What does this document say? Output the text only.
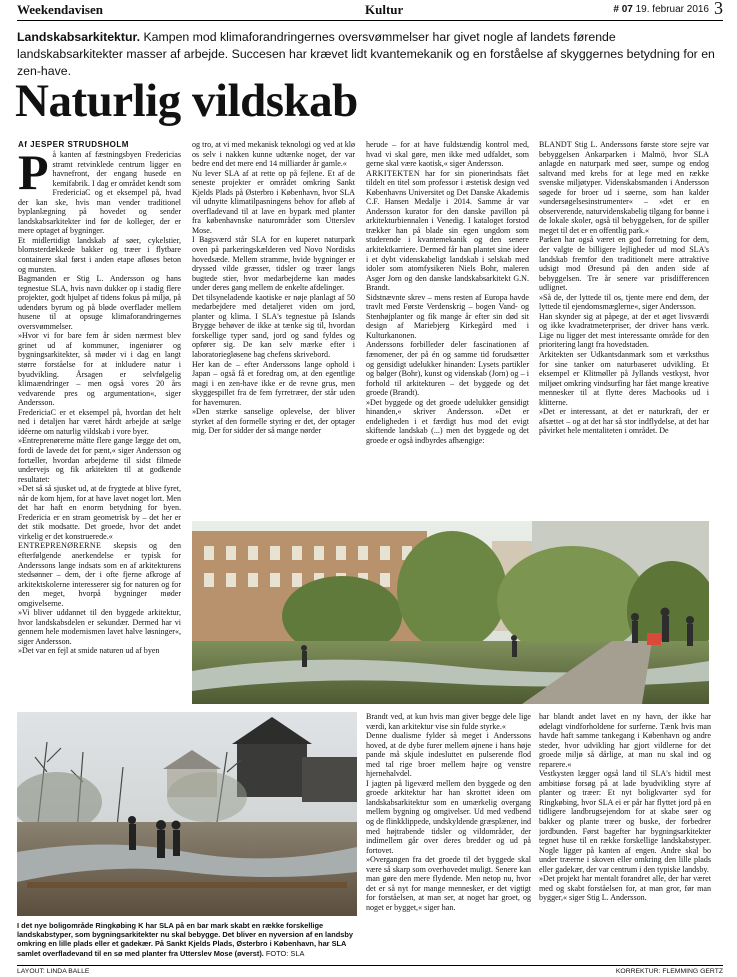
Weekendavisen	Kultur	# 07 19. februar 2016 3

Landskabsarkitektur. Kampen mod klimaforandringernes oversvømmelser har givet nogle af landets førende landskabsarkitekter masser af arbejde. Succesen har krævet lidt kvantemekanik og en forståelse af skyggernes betydning for en zen-have.

Naturlig vildskab
Af JESPER STRUDSHOLM

På kanten af fæstningsbyen Fredericias stramt retvinklede centrum ligger en havnefront, der engang husede en kemifabrik. I dag er området kendt som FredericiaC og et eksempel på, hvad der kan ske, hvis man vender traditionel byplanlægning på hovedet og sender landskabsarkitekter ind før de kolleger, der er mere optaget af bygninger.

Et midlertidigt landskab af søer, cykelstier, blomsterdækkede bakker og træer i flytbare containere skal først i anden etape afløses beton og mursten.

Bagmanden er Stig L. Andersson og hans tegnestue SLA, hvis navn dukker op i stadig flere projekter, godt hjulpet af tidens fokus på miljø, på udendørs byrum og på bløde overflader mellem husene til at opsuge klimaforandringernes oversvømmelser.

»Hvor vi for bare fem år siden nærmest blev grinet ud af kommuner, ingeniører og bygningsarkitekter, så møder vi i dag en langt større forståelse for at inkludere natur i byudvikling. Årsagen er selvfølgelig klimaændringer – men også vores 20 års vedvarende pres og argumentation«, siger Andersson.

FredericiaC er et eksempel på, hvordan det helt ned i detaljen har været hårdt arbejde at sælge idéerne om naturlig vildskab i vore byer.

»Entreprenørerne måtte flere gange lægge det om, fordi de lavede det for pænt,« siger Andersson og fortæller, hvordan arbejderne til sidst filmede undervejs og fik arkitekten til at godkende resultatet:

»Det så så sjusket ud, at de frygtede at blive fyret, når de kom hjem, for at have lavet noget lort. Men det har haft en enorm betydning for byen. Fredericia er en stram geometrisk by – det her er det stik modsatte. Det groede, hvor det andet virkelig er det konstruerede.«

ENTREPRENØRERNE skepsis og den efterfølgende anerkendelse er typisk for Anderssons lange indsats som en af arkitekturens stedsønner – dem, der i ofte fjerne afkroge af arkitektskolerne interesserer sig for naturen og for den meget, hvorpå bygninger møder omgivelserne.

»Vi bliver uddannet til den byggede arkitektur, hvor landskabsdelen er sekundær. Dermed har vi gennem hele modernismen lavet halve løsninger«, siger Andersson.

»Det var en fejl at smide naturen ud af byen

og tro, at vi med mekanisk teknologi og ved at klø os selv i nakken kunne udtænke noget, der var bedre end det mere end 14 milliarder år gamle.«

Nu lever SLA af at rette op på fejlene. Et af de seneste projekter er området omkring Sankt Kjelds Plads på Østerbro i København, hvor SLA vil udnytte klimatilpasningens behov for afløb af overfladevand til at lave en bypark med planter fra københavnske naturområder som Utterslev Mose.

I Bagsværd står SLA for en kuperet naturpark oven på parkeringskælderen ved Novo Nordisks hovedsæde. Mellem stramme, hvide bygninger er dryssed vilde græsser, tidsler og træer langs bugtede stier, hvor medarbejderne kan mødes under deres gang mellem de enkelte afdelinger.

Det tilsyneladende kaotiske er nøje planlagt af 50 medarbejdere med detaljeret viden om jord, planter og klima. I SLA's tegnestue på Islands Brygge behøver de ikke at tænke sig til, hvordan forskellige typer sand, jord og sand fyldes og opfører sig. De kan selv mærke efter i laboratoriegløsene bag chefens skrivebord.

Her kan de – efter Anderssons lange ophold i Japan – også få et foredrag om, at den egentlige magi i en zen-have ikke er de revne grus, men skyggespillet fra de fem fyrretræer, der står uden for havemuren.

»Den stærke sanselige oplevelse, der bliver styrket af den formelle styring er det, der optager mig. Der for sidder der så mange nørder

herude – for at have fuldstændig kontrol med, hvad vi skal gøre, men ikke med udfaldet, som gerne skal være kaotisk,« siger Andersson.

ARKITEKTEN har for sin pionerindsats fået tildelt en titel som professor i æstetisk design ved Københavns Universitet og Det Danske Akademis C.F. Hansen Medalje i 2014. Samme år var Andersson kurator for den danske pavillon på arkitekturbiennalen i Venedig. I kataloget forstod trækker han på blade sin egen ungdom som studerende i kvantemekanik og den senere arkitektkarriere. Dermed får han plantet sine ideer i et dybt videnskabeligt landskab i selskab med idoler som atomfysikeren Niels Bohr, maleren Asger Jorn og den danske landskabsarkitekt G.N. Brandt.

Sidstnævnte skrev – mens resten af Europa havde travlt med Første Verdenskrig – bogen Vand- og Stenhøjplanter og fik mange år efter sin død sit design af Mariebjerg Kirkegård med i Kulturkanonen.

Anderssons forbilleder deler fascinationen af fænomener, der på én og samme tid forudsætter og gensidigt udelukker hinanden: Lysets partikler og bølger (Bohr), kunst og videnskab (Jorn) og – i forhold til arkitekturen – det byggede og det groede (Brandt).

»Det byggede og det groede udelukker gensidigt hinanden,« skriver Andersson. »Det er endeligheden i et færdigt hus mod det evigt skiftende landskab (...) men det byggede og det groede er også indbyrdes afhængige:

BLANDT Stig L. Anderssons første store sejre var bebyggelsen Ankarparken i Malmö, hvor SLA anlagde en naturpark med søer, sumpe og endog saltvand med krebs for at lege med en række svenske miljøtyper. Videnskabsmanden i Andersson søgede for broer ud i søerne, som han kalder »undersøgelsesinstrumenter« – »det er en observerende, naturvidenskabelig tilgang for bønne i de lokale skoler, også til bebyggelsen, for de spiller meget til det er en offentlig park.«

Parken har også været en god forretning for dem, der valgte de billigere lejligheder ud mod SLA's landskab fremfor den traditionelt mere attraktive udsigt mod Øresund på den anden side af bebyggelsen. Tre år senere var prisdifferencen udlignet.

»Så de, der lyttede til os, tjente mere end dem, der lyttede til ejendomsmæglerne«, siger Andersson.

Han skynder sig at påpege, at der et øget livsværdi og ikke kvadratmeterpriser, der driver hans værk. Lige nu ligger det mest interessante område for den prioritering langt fra hovedstaden.

Arkitekten ser Udkantsdanmark som et værksthus for sine tanker om naturbaseret udvikling. Et eksempel er Klitmøller på Jyllands vestkyst, hvor miljøet omkring vindsurfing har fået mange kreative mennesker til at flytte deres Macbooks ud i klitterne.

»Det er interessant, at det er naturkraft, der er afsættet – og at det har så stor indflydelse, at det har påvirket hele mentaliteten i området. De

I det nye boligområde Ringkøbing K har SLA på en bar mark skabt en række forskellige landskabstyper, som bygningsarkitekter nu skal bebygge. Det bliver en nyversion af en landsby omkring en lille plads eller et gadekær. På Sankt Kjelds Plads, Østerbro i København, har SLA samlet overfladevand til en sø med planter fra Utterslev Mose (øverst). FOTO: SLA

Brandt ved, at kun hvis man giver begge dele lige værdi, kan arkitektur vise sin fulde styrke.«

Denne dualisme fylder så meget i Anderssons hoved, at de dybe furer mellem øjnene i hans høje pande må skjule indesluttet en pulserende flod med tal rige broer mellem højre og venstre hjernehalvdel.

I jagten på ligeværd mellem den byggede og den groede arkitektur har han skrottet ideen om landskabsarkitektur som en umærkelig overgang mellem bygning og omgivelser. Ud med vedbend og de flinkklippede, undskyldende græsplæner, ind med højtrabende tidsler og vildområder, der indimellem går over deres bredder og ud på fortovet.

»Overgangen fra det groede til det byggede skal være så skarp som overhovedet muligt. Senere kan man gøre den mere flydende. Men netop nu, hvor det er så nyt for mange mennesker, er det vigtigt for forståelsen, at man ser, at noget har groet, og noget er bygget,« siger han.

har blandt andet lavet en ny havn, der ikke har ødelagt vindforholdene for surferne. Tænk hvis man havde haft samme tankegang i København og andre steder, hvor udvikling har gjort vildlerne for det groede miljø så dårlige, at man nu skal ind og reparere.«

Vestkysten lægger også land til SLA's hidtil mest ambitiøse forsøg på at lade byudvikling styre af planter og træer: Et nyt boligkvarter syd for Ringkøbing, hvor SLA ei er pår har flyttet jord på en tidligere landbrugsejendom for at skabe søer og bakker og plante træer og buske, der forbedrer jordbunden. Først bagefter har bygningsarkitekter tegnet huse til en række forskellige landskabstyper. Nogle ligger på kanten af engen. Andre skal bo under træerne i skoven eller omkring den lille plads eller gadekær, der var centrum i den typiske landsby.

»Det projekt har mentalt forandret alle, der har været med og skabt forståelsen for, at man gror, før man bygger,« siger Stig L. Andersson.

LAYOUT: LINDA BALLE	KORREKTUR: FLEMMING GERTZ
